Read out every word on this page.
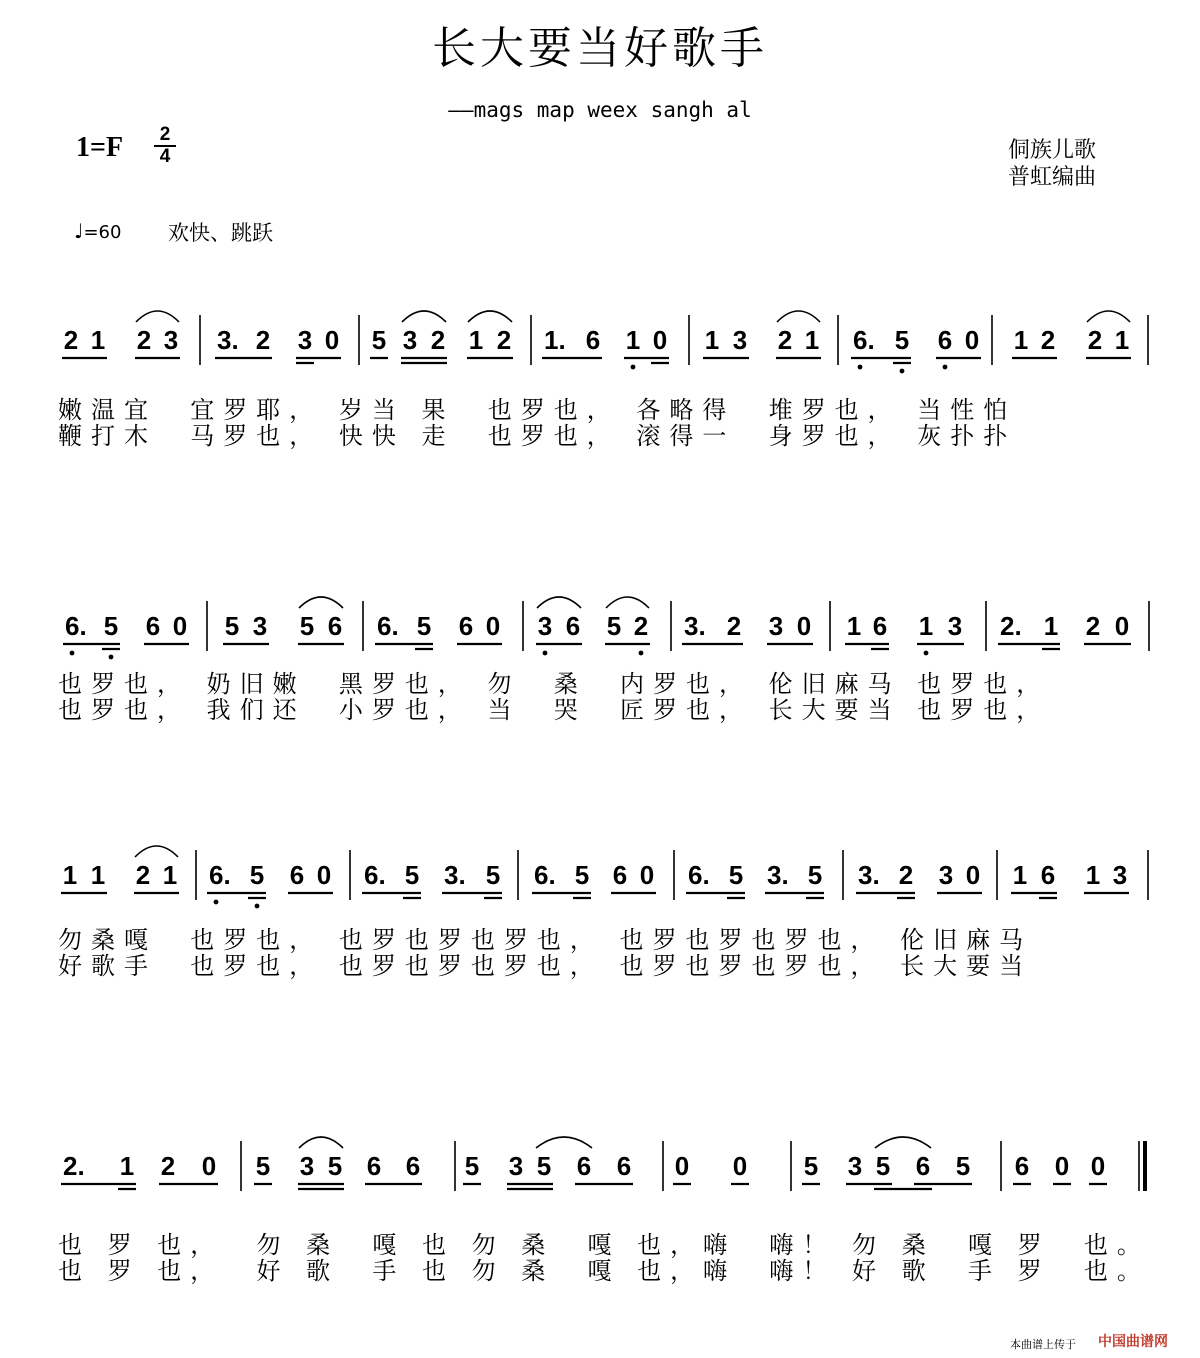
长大要当好歌手
——mags map weex sangh al
1=F	2
4	侗族儿歌
普虹编曲
♩=60 欢快、跳跃
2 1 2 3 3. 2 3 0 5 3 2 1 2 1. 6 1 0 1 3 2 1 6. 5 6 0 1 2 2 1
嫩温宜  宜罗耶， 岁当 果  也罗也， 各略得  堆罗也， 当性怕
鞭打木  马罗也， 快快 走  也罗也， 滚得一  身罗也， 灰扑扑
6. 5 6 0 5 3 5 6 6. 5 6 0 3 6 5 2 3. 2 3 0 1 6 1 3 2. 1 2 0
也罗也， 奶旧嫩  黑罗也， 勿  桑  内罗也， 伦旧麻马 也罗也，
也罗也， 我们还  小罗也， 当  哭  匠罗也， 长大要当 也罗也，
1 1 2 1 6. 5 6 0 6. 5 3. 5 6. 5 6 0 6. 5 3. 5 3. 2 3 0 1 6 1 3
勿桑嘎  也罗也， 也罗也罗也罗也， 也罗也罗也罗也， 伦旧麻马
好歌手  也罗也， 也罗也罗也罗也， 也罗也罗也罗也， 长大要当
2.	1 2 0 5 3 5 6 6 5 3 5 6 6 0 0 5 3 5 6 5 6 0 0
也 罗 也，  勿 桑  嘎 也 勿 桑  嘎 也，嗨  嗨！ 勿 桑  嘎 罗  也。
也 罗 也，  好 歌  手 也 勿 桑  嘎 也，嗨  嗨！ 好 歌  手 罗  也。
本曲谱上传于 中国曲谱网
